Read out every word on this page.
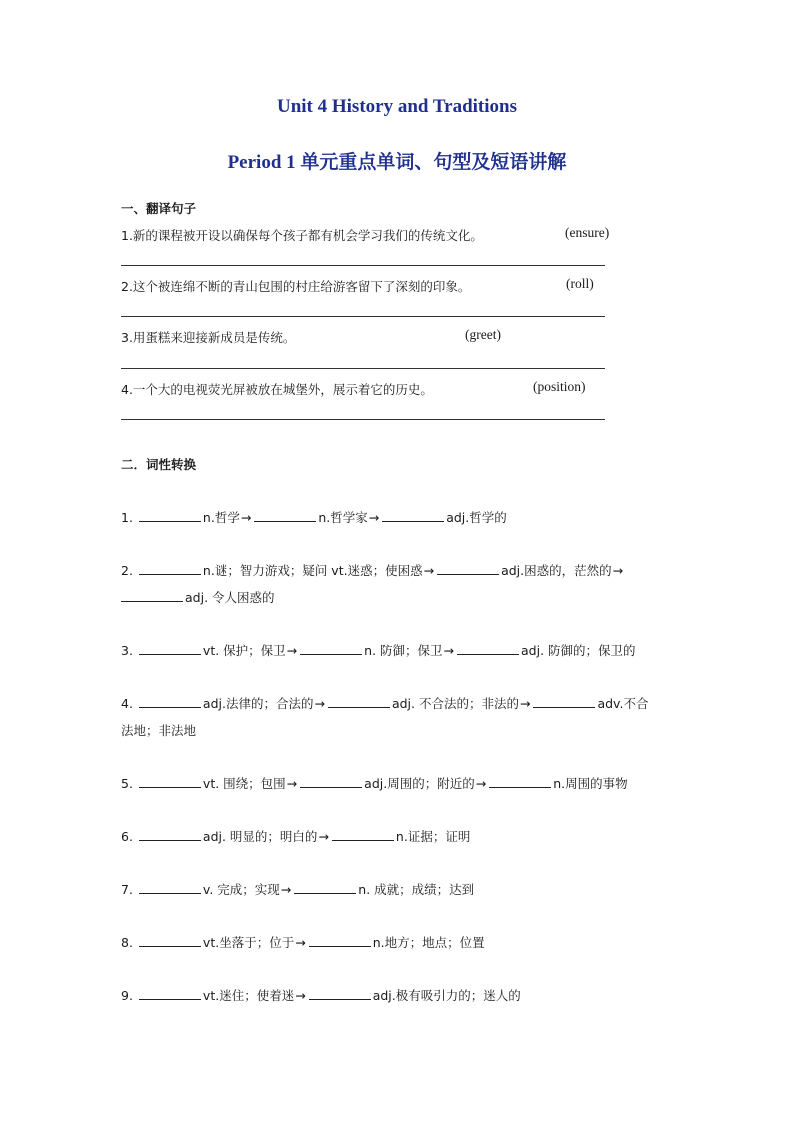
Unit 4 History and Traditions
Period 1 单元重点单词、句型及短语讲解
一、翻译句子
1.新的课程被开设以确保每个孩子都有机会学习我们的传统文化。	(ensure)
2.这个被连绵不断的青山包围的村庄给游客留下了深刻的印象。	(roll)
3.用蛋糕来迎接新成员是传统。	(greet)
4.一个大的电视荧光屏被放在城堡外，展示着它的历史。	(position)
二．词性转换
1.	n.哲学→	n.哲学家→	adj.哲学的
2.	n.谜；智力游戏；疑问 vt.迷惑；使困惑→	adj.困惑的，茫然的→
adj. 令人困惑的
3.	vt. 保护；保卫→	n. 防御；保卫→	adj. 防御的；保卫的
4.	adj.法律的；合法的→	adj. 不合法的；非法的→	adv.不合
法地；非法地
5.	vt. 围绕；包围→	adj.周围的；附近的→	n.周围的事物
6.	adj. 明显的；明白的→	n.证据；证明
7.	v. 完成；实现→	n. 成就；成绩；达到
8.	vt.坐落于；位于→	n.地方；地点；位置
9.	vt.迷住；使着迷→	adj.极有吸引力的；迷人的
